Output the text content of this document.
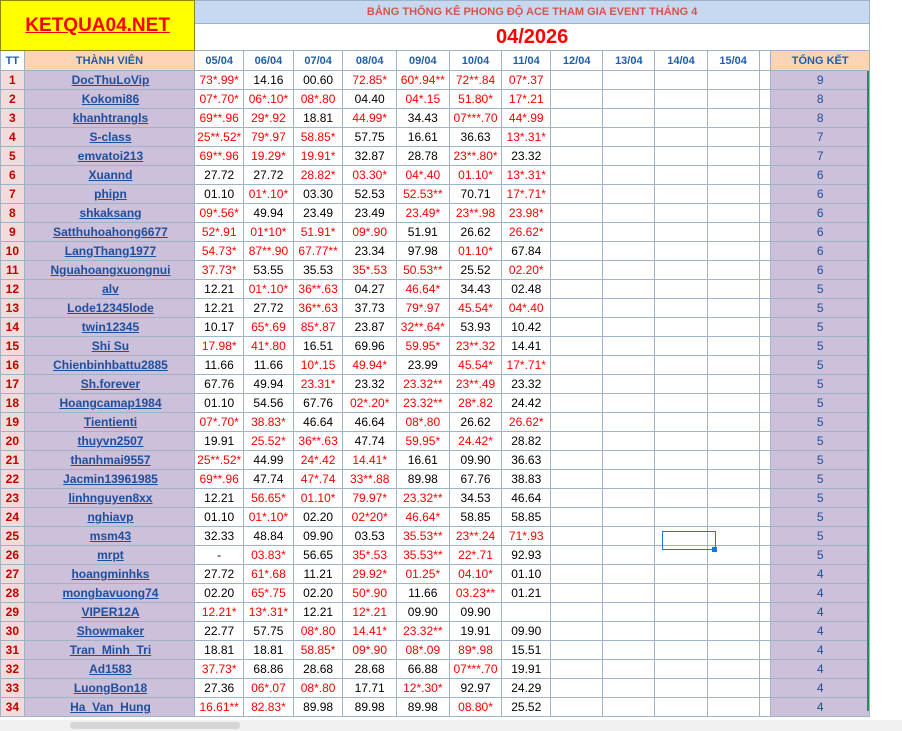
KETQUA04.NET		BẢNG THỐNG KÊ PHONG ĐỘ ACE THAM GIA EVENT THÁNG 4												
		04/2026												
TT	THÀNH VIÊN	05/04	06/04	07/04	08/04	09/04	10/04	11/04	12/04	13/04	14/04	15/04		TỔNG KẾT
1	DocThuLoVip	73*.99*	14.16	00.60	72.85*	60*.94**	72**.84	07*.37						9
2	Kokomi86	07*.70*	06*.10*	08*.80	04.40	04*.15	51.80*	17*.21						8
3	khanhtrangls	69**.96	29*.92	18.81	44.99*	34.43	07***.70	44*.99						8
4	S-class	25**.52*	79*.97	58.85*	57.75	16.61	36.63	13*.31*						7
5	emvatoi213	69**.96	19.29*	19.91*	32.87	28.78	23**.80*	23.32						7
6	Xuannd	27.72	27.72	28.82*	03.30*	04*.40	01.10*	13*.31*						6
7	phipn	01.10	01*.10*	03.30	52.53	52.53**	70.71	17*.71*						6
8	shkaksang	09*.56*	49.94	23.49	23.49	23.49*	23**.98	23.98*						6
9	Satthuhoahong6677	52*.91	01*10*	51.91*	09*.90	51.91	26.62	26.62*						6
10	LangThang1977	54.73*	87**.90	67.77**	23.34	97.98	01.10*	67.84						6
11	Nguahoangxuongnui	37.73*	53.55	35.53	35*.53	50.53**	25.52	02.20*						6
12	alv	12.21	01*.10*	36**.63	04.27	46.64*	34.43	02.48						5
13	Lode12345lode	12.21	27.72	36**.63	37.73	79*.97	45.54*	04*.40						5
14	twin12345	10.17	65*.69	85*.87	23.87	32**.64*	53.93	10.42						5
15	Shi Su	17.98*	41*.80	16.51	69.96	59.95*	23**.32	14.41						5
16	Chienbinhbattu2885	11.66	11.66	10*.15	49.94*	23.99	45.54*	17*.71*						5
17	Sh.forever	67.76	49.94	23.31*	23.32	23.32**	23**.49	23.32						5
18	Hoangcamap1984	01.10	54.56	67.76	02*.20*	23.32**	28*.82	24.42						5
19	Tientienti	07*.70*	38.83*	46.64	46.64	08*.80	26.62	26.62*						5
20	thuyvn2507	19.91	25.52*	36**.63	47.74	59.95*	24.42*	28.82						5
21	thanhmai9557	25**.52*	44.99	24*.42	14.41*	16.61	09.90	36.63						5
22	Jacmin13961985	69**.96	47.74	47*.74	33**.88	89.98	67.76	38.83						5
23	linhnguyen8xx	12.21	56.65*	01.10*	79.97*	23.32**	34.53	46.64						5
24	nghiavp	01.10	01*.10*	02.20	02*20*	46.64*	58.85	58.85						5
25	msm43	32.33	48.84	09.90	03.53	35.53**	23**.24	71*.93						5
26	mrpt	-	03.83*	56.65	35*.53	35.53**	22*.71	92.93						5
27	hoangminhks	27.72	61*.68	11.21	29.92*	01.25*	04.10*	01.10						4
28	mongbavuong74	02.20	65*.75	02.20	50*.90	11.66	03.23**	01.21						4
29	VIPER12A	12.21*	13*.31*	12.21	12*.21	09.90	09.90							4
30	Showmaker	22.77	57.75	08*.80	14.41*	23.32**	19.91	09.90						4
31	Tran_Minh_Tri	18.81	18.81	58.85*	09*.90	08*.09	89*.98	15.51						4
32	Ad1583	37.73*	68.86	28.68	28.68	66.88	07***.70	19.91						4
33	LuongBon18	27.36	06*.07	08*.80	17.71	12*.30*	92.97	24.29						4
34	Ha_Van_Hung	16.61**	82.83*	89.98	89.98	89.98	08.80*	25.52						4
